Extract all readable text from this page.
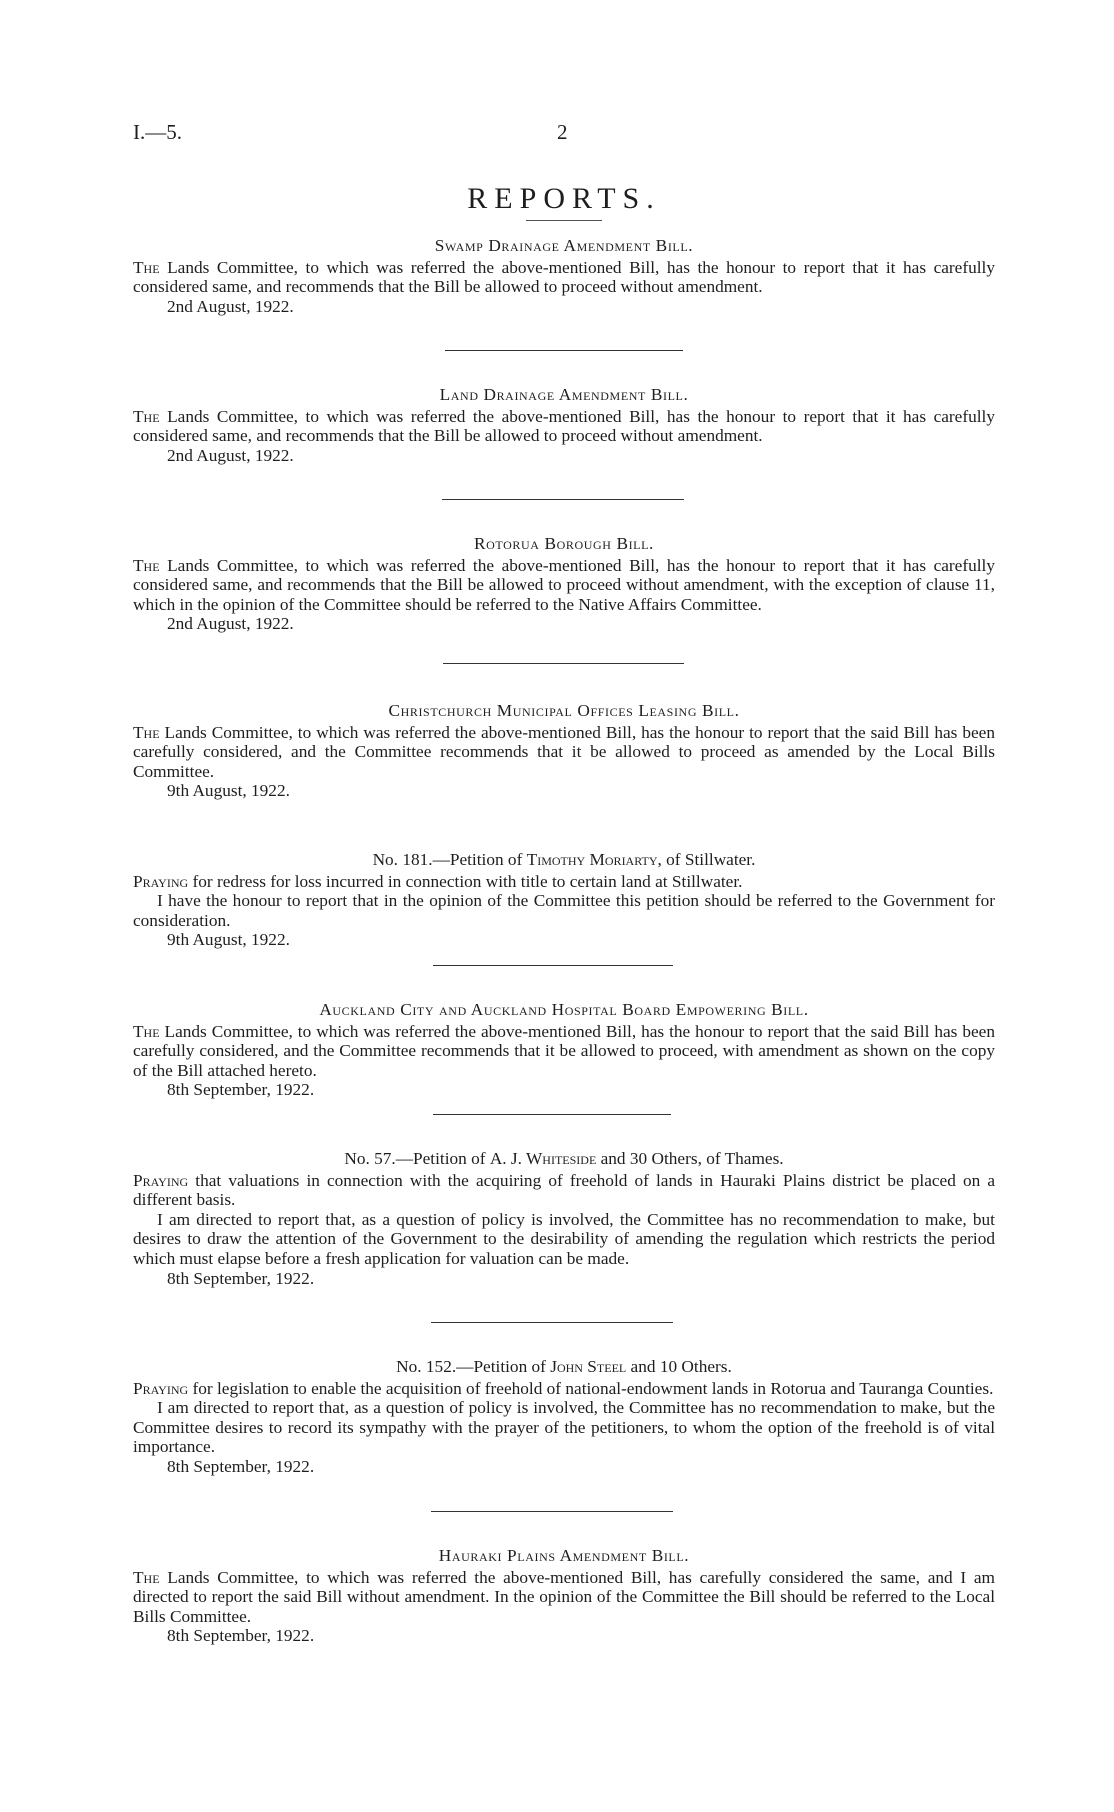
I.—5.	2
REPORTS.
Swamp Drainage Amendment Bill.

The Lands Committee, to which was referred the above-mentioned Bill, has the honour to report that it has carefully considered same, and recommends that the Bill be allowed to proceed without amendment.

2nd August, 1922.
Land Drainage Amendment Bill.

The Lands Committee, to which was referred the above-mentioned Bill, has the honour to report that it has carefully considered same, and recommends that the Bill be allowed to proceed without amendment.

2nd August, 1922.
Rotorua Borough Bill.

The Lands Committee, to which was referred the above-mentioned Bill, has the honour to report that it has carefully considered same, and recommends that the Bill be allowed to proceed without amendment, with the exception of clause 11, which in the opinion of the Committee should be referred to the Native Affairs Committee.

2nd August, 1922.
Christchurch Municipal Offices Leasing Bill.

The Lands Committee, to which was referred the above-mentioned Bill, has the honour to report that the said Bill has been carefully considered, and the Committee recommends that it be allowed to proceed as amended by the Local Bills Committee.

9th August, 1922.
No. 181.—Petition of Timothy Moriarty, of Stillwater.

Praying for redress for loss incurred in connection with title to certain land at Stillwater.

I have the honour to report that in the opinion of the Committee this petition should be referred to the Government for consideration.

9th August, 1922.
Auckland City and Auckland Hospital Board Empowering Bill.

The Lands Committee, to which was referred the above-mentioned Bill, has the honour to report that the said Bill has been carefully considered, and the Committee recommends that it be allowed to proceed, with amendment as shown on the copy of the Bill attached hereto.

8th September, 1922.
No. 57.—Petition of A. J. Whiteside and 30 Others, of Thames.

Praying that valuations in connection with the acquiring of freehold of lands in Hauraki Plains district be placed on a different basis.

I am directed to report that, as a question of policy is involved, the Committee has no recommendation to make, but desires to draw the attention of the Government to the desirability of amending the regulation which restricts the period which must elapse before a fresh application for valuation can be made.

8th September, 1922.
No. 152.—Petition of John Steel and 10 Others.

Praying for legislation to enable the acquisition of freehold of national-endowment lands in Rotorua and Tauranga Counties.

I am directed to report that, as a question of policy is involved, the Committee has no recommendation to make, but the Committee desires to record its sympathy with the prayer of the petitioners, to whom the option of the freehold is of vital importance.

8th September, 1922.
Hauraki Plains Amendment Bill.

The Lands Committee, to which was referred the above-mentioned Bill, has carefully considered the same, and I am directed to report the said Bill without amendment. In the opinion of the Committee the Bill should be referred to the Local Bills Committee.

8th September, 1922.
